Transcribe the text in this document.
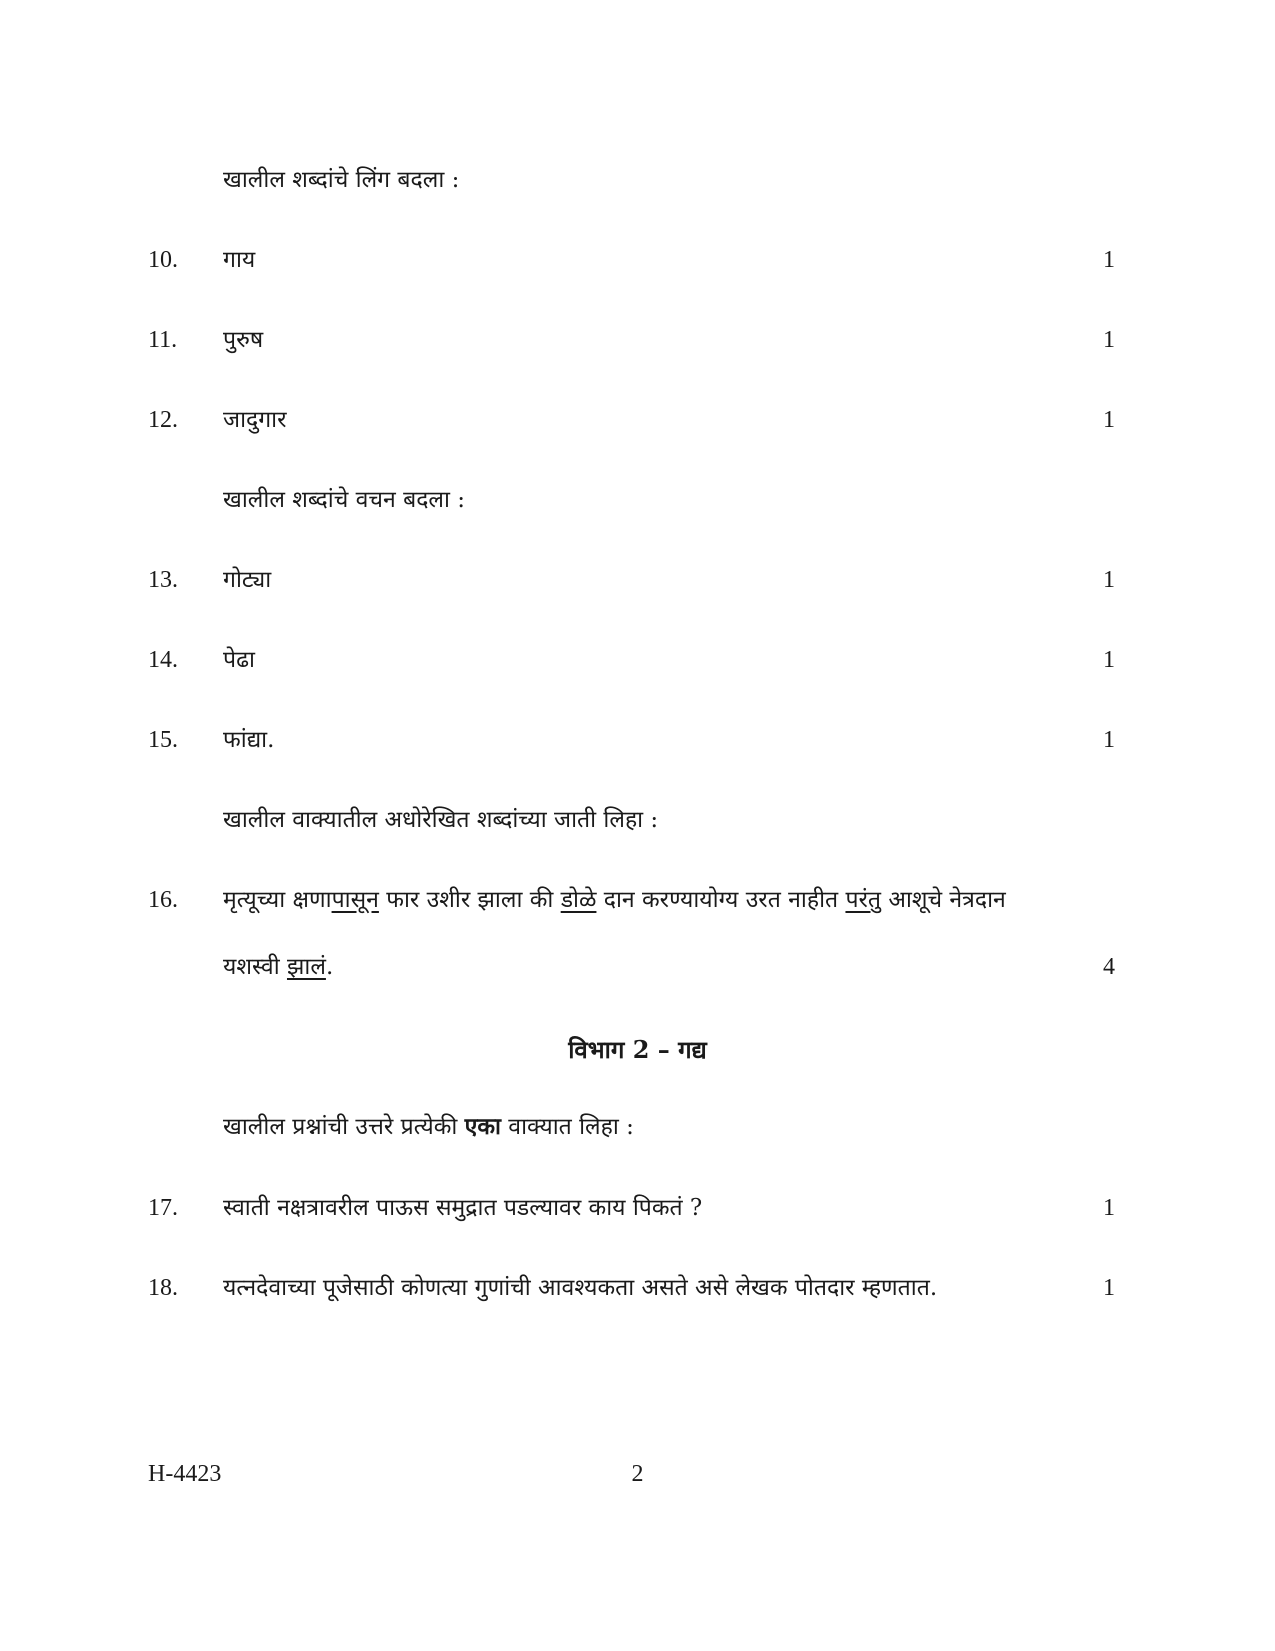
खालील शब्दांचे लिंग बदला :
10. गाय	1
11. पुरुष	1
12. जादुगार	1
खालील शब्दांचे वचन बदला :
13. गोट्या	1
14. पेढा	1
15. फांद्या.	1
खालील वाक्यातील अधोरेखित शब्दांच्या जाती लिहा :
16. मृत्यूच्या क्षणापासून फार उशीर झाला की डोळे दान करण्यायोग्य उरत नाहीत परंतु आशूचे नेत्रदान
यशस्वी झालं.	4
विभाग 2 – गद्य
खालील प्रश्नांची उत्तरे प्रत्येकी एका वाक्यात लिहा :
17. स्वाती नक्षत्रावरील पाऊस समुद्रात पडल्यावर काय पिकतं ?	1
18. यत्नदेवाच्या पूजेसाठी कोणत्या गुणांची आवश्यकता असते असे लेखक पोतदार म्हणतात.	1
2
H-4423
